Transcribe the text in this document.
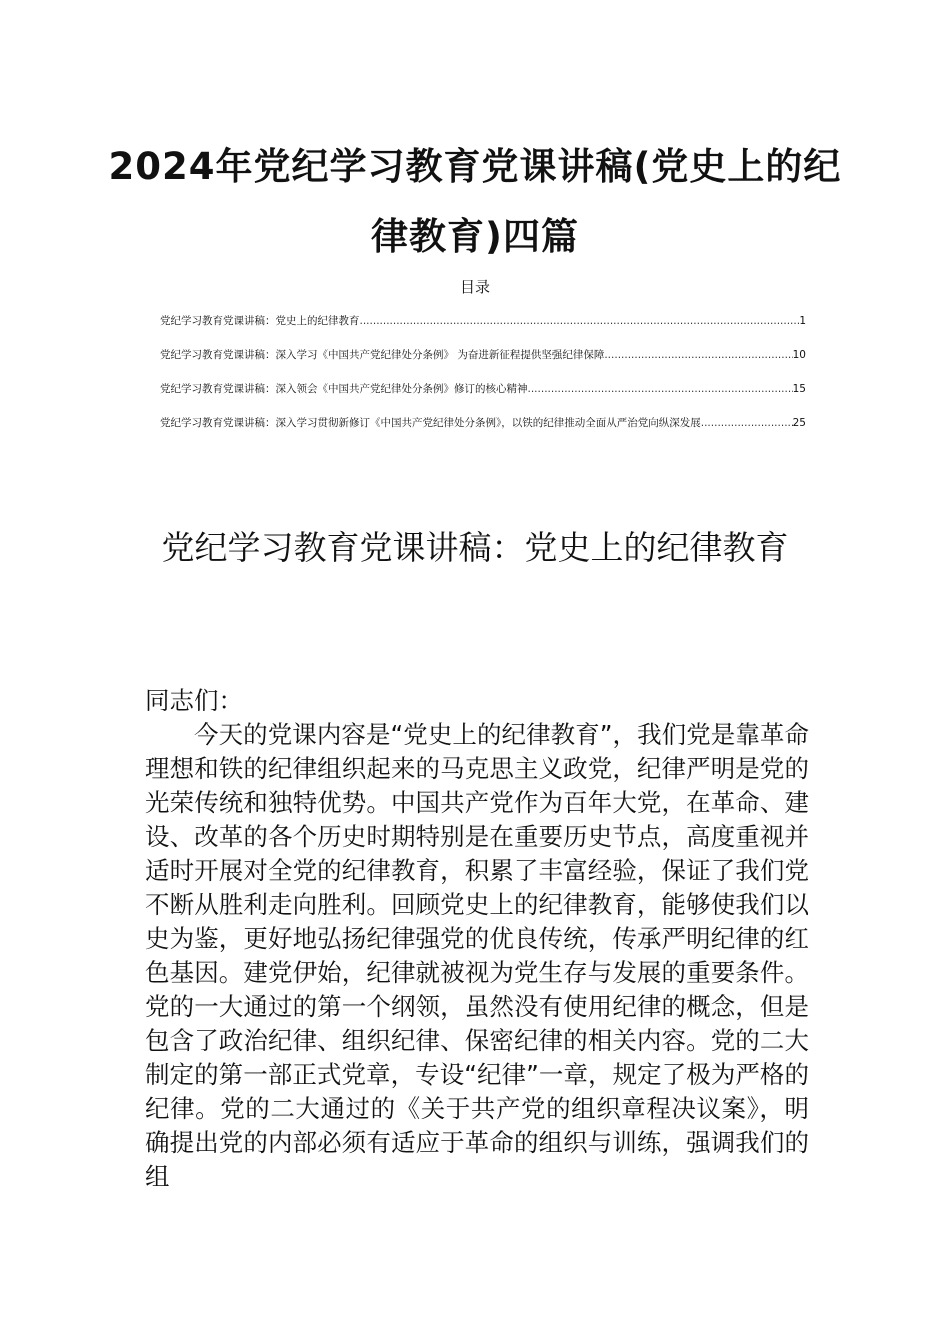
2024年党纪学习教育党课讲稿(党史上的纪律教育)四篇
目录
党纪学习教育党课讲稿：党史上的纪律教育 .....	1
党纪学习教育党课讲稿：深入学习《中国共产党纪律处分条例》 为奋进新征程提供坚强纪律保障 .....	10
党纪学习教育党课讲稿：深入领会《中国共产党纪律处分条例》修订的核心精神 .....	15
党纪学习教育党课讲稿：深入学习贯彻新修订《中国共产党纪律处分条例》，以铁的纪律推动全面从严治党向纵深发展 .....	25
党纪学习教育党课讲稿：党史上的纪律教育

同志们：

今天的党课内容是“党史上的纪律教育”，我们党是靠革命理想和铁的纪律组织起来的马克思主义政党，纪律严明是党的光荣传统和独特优势。中国共产党作为百年大党，在革命、建设、改革的各个历史时期特别是在重要历史节点，高度重视并适时开展对全党的纪律教育，积累了丰富经验，保证了我们党不断从胜利走向胜利。回顾党史上的纪律教育，能够使我们以史为鉴，更好地弘扬纪律强党的优良传统，传承严明纪律的红色基因。建党伊始，纪律就被视为党生存与发展的重要条件。党的一大通过的第一个纲领，虽然没有使用纪律的概念，但是包含了政治纪律、组织纪律、保密纪律的相关内容。党的二大制定的第一部正式党章，专设“纪律”一章，规定了极为严格的纪律。党的二大通过的《关于共产党的组织章程决议案》，明确提出党的内部必须有适应于革命的组织与训练，强调我们的组
